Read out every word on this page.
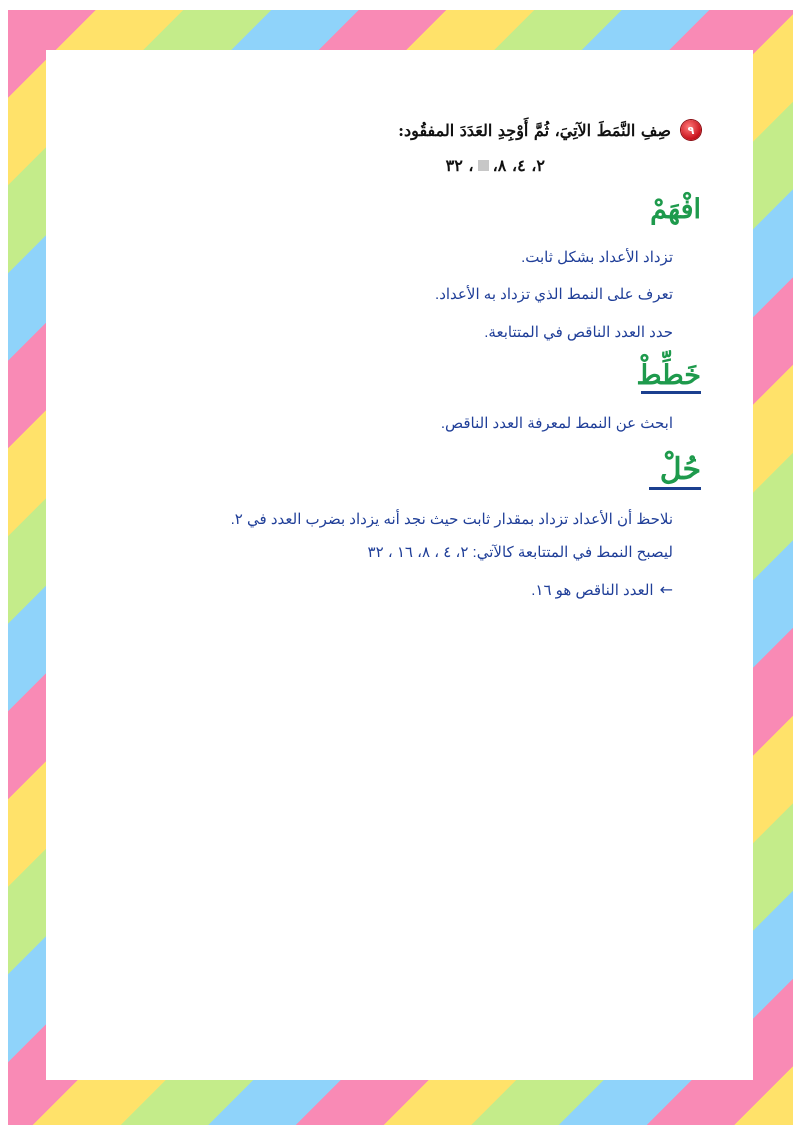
٩
صِفِ النَّمَطَ الآتِيَ، ثُمَّ أَوْجِدِ العَدَدَ المفقُود:
٢، ٤، ٨،
، ٣٢
افْهَمْ
تزداد الأعداد بشكل ثابت.
تعرف على النمط الذي تزداد به الأعداد.
حدد العدد الناقص في المتتابعة.
خَطِّطْ
ابحث عن النمط لمعرفة العدد الناقص.
حُلْ
نلاحظ أن الأعداد تزداد بمقدار ثابت حيث نجد أنه يزداد بضرب العدد في ٢.
ليصبح النمط في المتتابعة كالآتي: ٢، ٤ ، ٨، ١٦ ، ٣٢
←
العدد الناقص هو ١٦.
